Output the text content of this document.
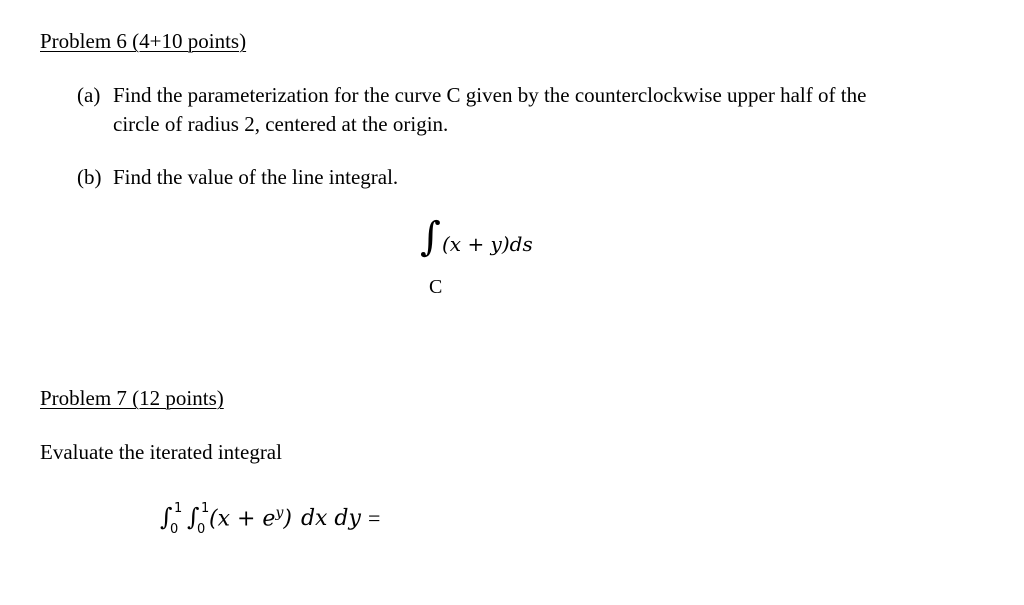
Problem 6 (4+10 points)
(a) Find the parameterization for the curve C given by the counterclockwise upper half of the
circle of radius 2, centered at the origin.
(b) Find the value of the line integral.
∫ (x + y)ds
C
Problem 7 (12 points)
Evaluate the iterated integral
∫ 1
0 ∫ 1
0 $(x + e^y)$ dx dy =
